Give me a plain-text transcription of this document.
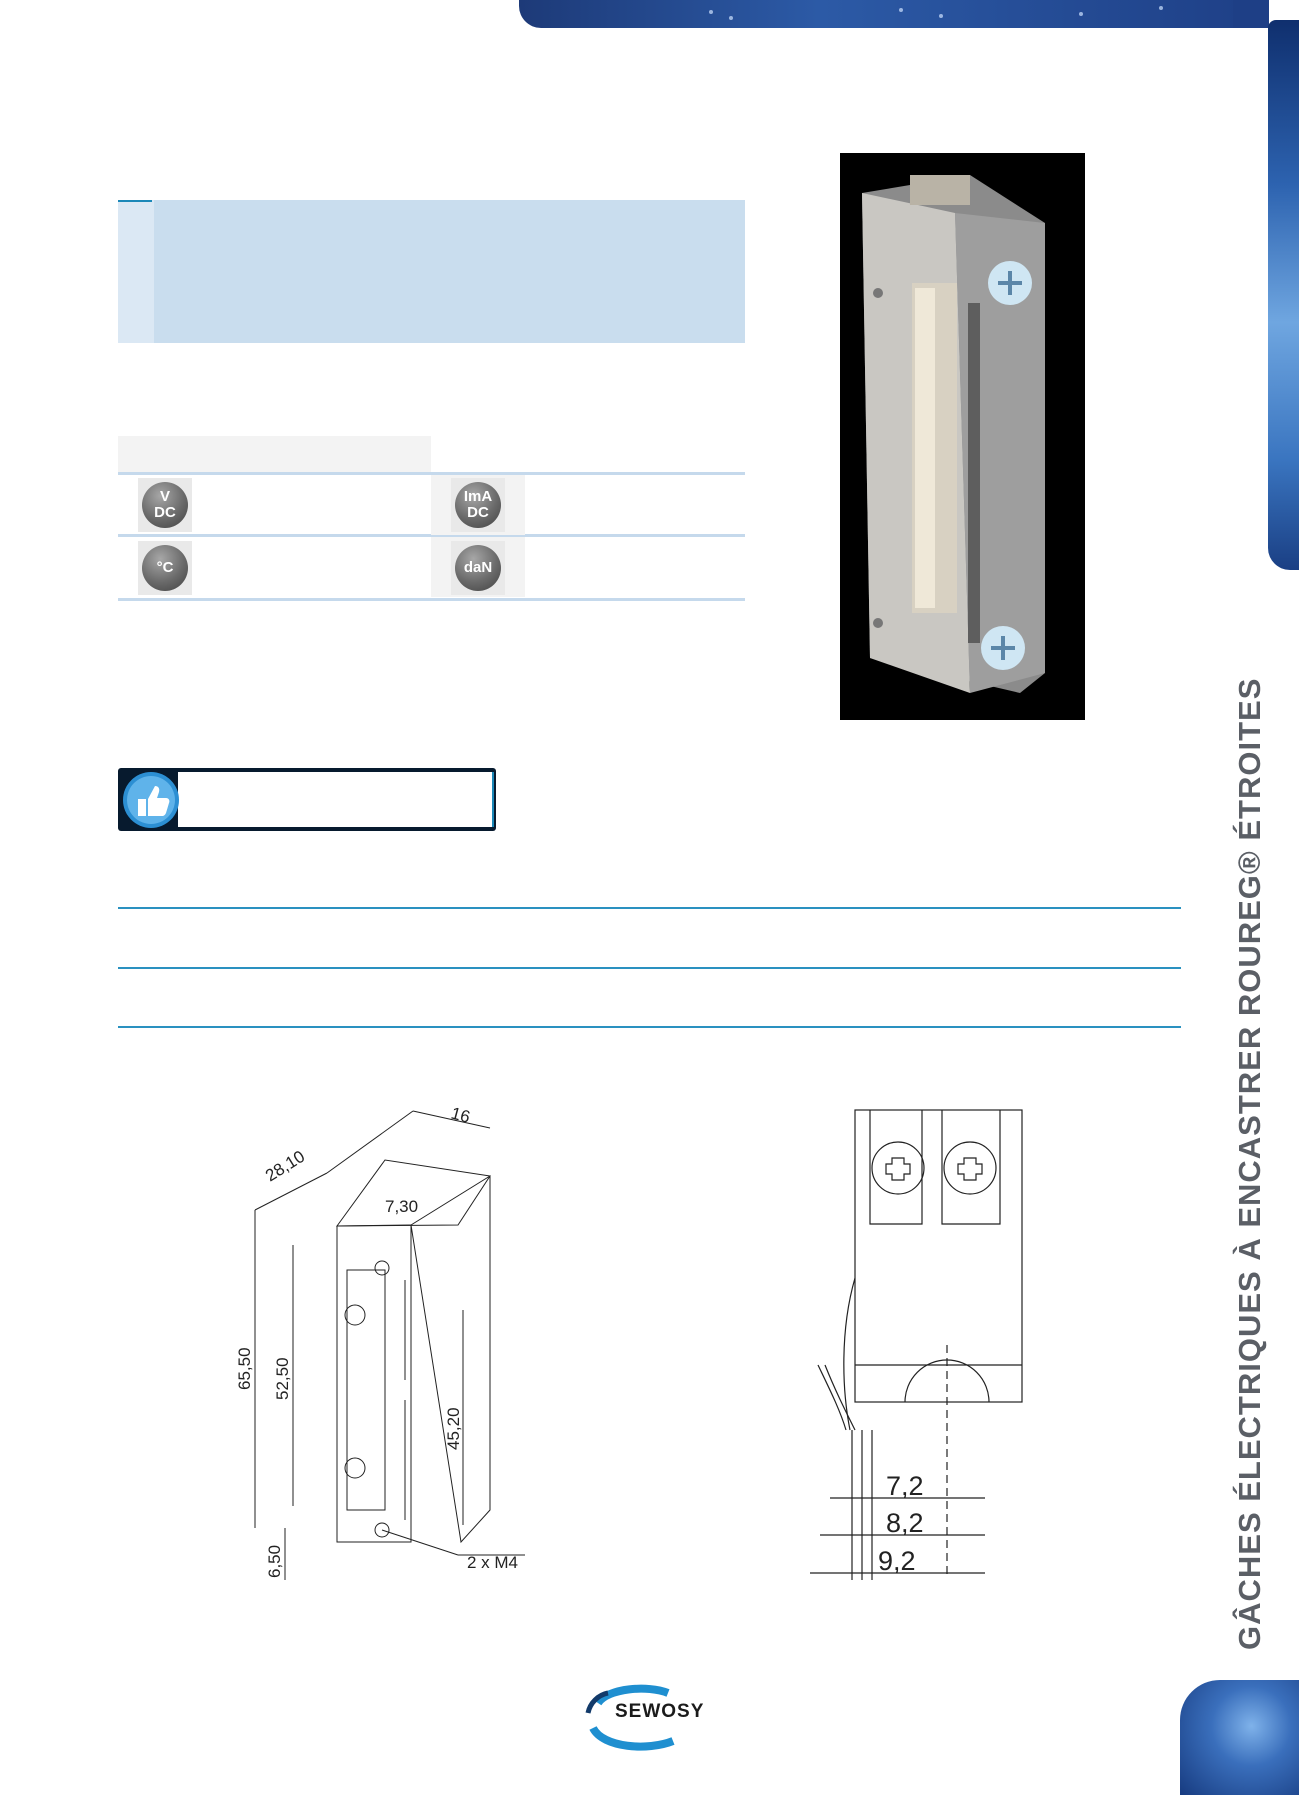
GÂCHES ÉLECTRIQUES À ENCASTRER ROUREG® ÉTROITES
V
DC
ImA
DC
°C	daN
16
28,10
7,30
65,50 52,50
45,20
6,50	2 x M4
7,2
8,2
9,2
SEWOSY
